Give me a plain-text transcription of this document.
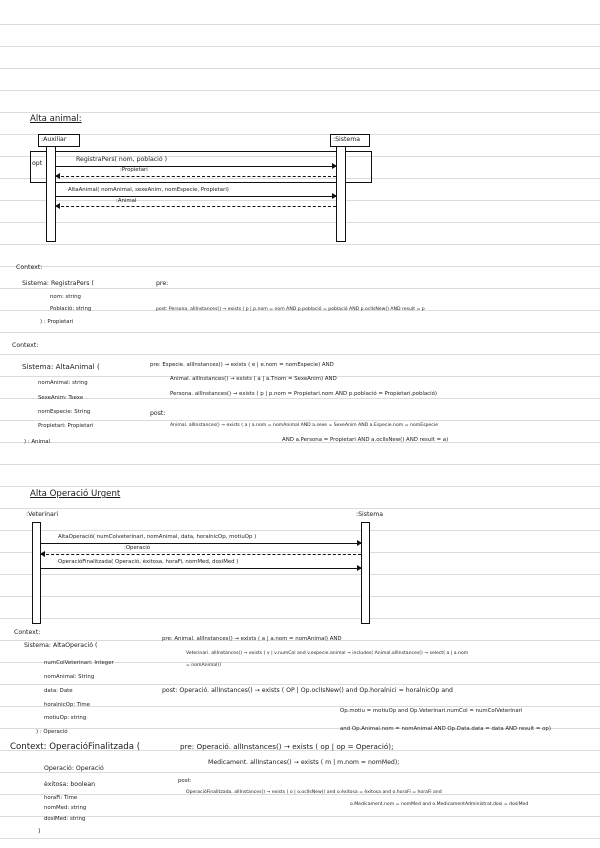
Alta animal:
:Auxiliar	:Sistema
opt
RegistraPers( nom, població )
:Propietari
AltaAnimal( nomAnimal, sexeAnim, nomEspecie, Propietari)
:Animal
Context:
Sistema: RegistraPers (
nom: string
Població: string
) : Propietari
pre:
post: Persona. allInstances() → exists ( p | p.nom = nom AND p.població = població AND p.oclIsNew() AND result = p
Context:
Sistema: AltaAnimal (
nomAnimal: string
SexeAnim: Tsexe
nomEspecie: String
Propietari: Propietari
) : Animal
pre: Especie. allInstances() → exists ( e | e.nom = nomEspecie) AND
Animal. allInstances() → exists ( a | a.Tnom = SexeAnim) AND
Persona. allInstances() → exists ( p | p.nom = Propietari.nom AND p.població = Propietari.població)
post:
Animal. allInstances() → exists ( a | a.nom = nomAnimal AND a.sexe = SexeAnim AND a.Especie.nom = nomEspecie
AND a.Persona = Propietari AND a.oclIsNew() AND result = a)
Alta Operació Urgent
:Veterinari	:Sistema
AltaOperació( numColveterinari, nomAnimal, data, horalnicOp, motiuOp )
:Operació
OperacióFinalitzada( Operació, èxitosa, horaFi, nomMed, dosiMed )
Context:
Sistema: AltaOperació (
numColVeterinari: Integer
nomAnimal: String
data: Date
horalnicOp: Time
motiuOp: string
) : Operació
pre: Animal. allInstances() → exists ( a | a.nom = nomAnimal) AND
Veterinari. allInstances() → exists ( v | v.numCol and v.especie.animal → includes( Animal.allInstances() → select( a | a.nom
= nomAnimal))
post: Operació. allInstances() → exists ( OP | Op.oclIsNew() and Op.horalnici = horalnicOp and
Op.motiu = motiuOp and Op.Veterinari.numCol = numColVeterinari
and Op.Animal.nom = nomAnimal AND Op.Data.data = data AND result = op)
Context: OperacióFinalitzada (
Operació: Operació
èxitosa: boolean
horaFi: Time
nomMed: string
dosiMed: string
)
pre: Operació. allInstances() → exists ( op | op = Operació);
Medicament. allInstances() → exists ( m | m.nom = nomMed);
post:
OperacióFinalitzada. allInstances() → exists ( o | o.oclIsNew() and o.èxitosa = èxitosa and o.horaFi = horaFi and
o.Medicament.nom = nomMed and o.MedicamentAdministrat.dosi = dosiMed
